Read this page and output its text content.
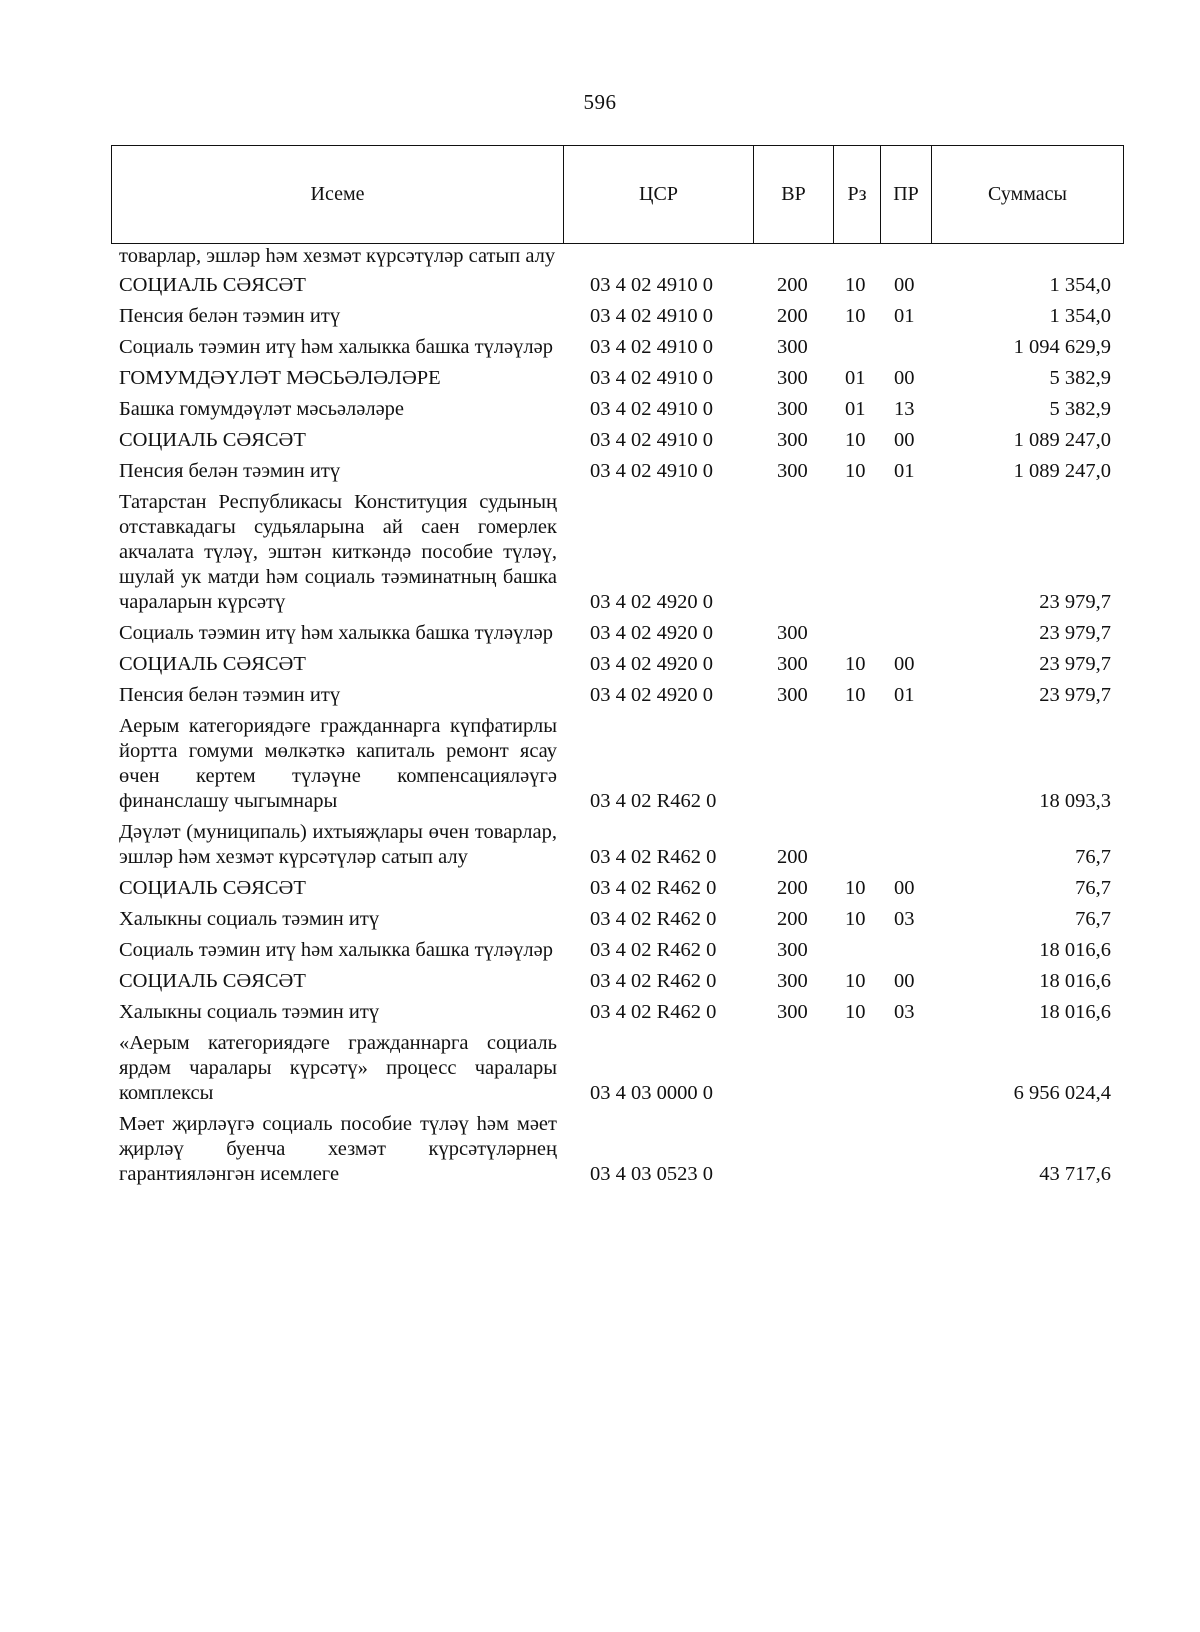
596
Исеме	ЦСР	ВР	Рз	ПР	Суммасы
товарлар, эшләр һәм хезмәт күрсәтүләр сатып алу					
СОЦИАЛЬ СӘЯСӘТ	03 4 02 4910 0	200	10	00	1 354,0
Пенсия белән тәэмин итү	03 4 02 4910 0	200	10	01	1 354,0
Социаль тәэмин итү һәм халыкка башка түләүләр	03 4 02 4910 0	300			1 094 629,9
ГОМУМДӘҮЛӘТ МӘСЬӘЛӘЛӘРЕ	03 4 02 4910 0	300	01	00	5 382,9
Башка гомумдәүләт мәсьәләләре	03 4 02 4910 0	300	01	13	5 382,9
СОЦИАЛЬ СӘЯСӘТ	03 4 02 4910 0	300	10	00	1 089 247,0
Пенсия белән тәэмин итү	03 4 02 4910 0	300	10	01	1 089 247,0
Татарстан Республикасы Конституция судының отставкадагы судьяларына ай саен гомерлек акчалата түләү, эштән киткәндә пособие түләү, шулай ук матди һәм социаль тәэминатның башка чараларын күрсәтү	03 4 02 4920 0				23 979,7
Социаль тәэмин итү һәм халыкка башка түләүләр	03 4 02 4920 0	300			23 979,7
СОЦИАЛЬ СӘЯСӘТ	03 4 02 4920 0	300	10	00	23 979,7
Пенсия белән тәэмин итү	03 4 02 4920 0	300	10	01	23 979,7
Аерым категориядәге гражданнарга күпфатирлы йортта гомуми мөлкәткә капиталь ремонт ясау өчен кертем түләүне компенсацияләүгә финанслашу чыгымнары	03 4 02 R462 0				18 093,3
Дәүләт (муниципаль) ихтыяҗлары өчен товарлар, эшләр һәм хезмәт күрсәтүләр сатып алу	03 4 02 R462 0	200			76,7
СОЦИАЛЬ СӘЯСӘТ	03 4 02 R462 0	200	10	00	76,7
Халыкны социаль тәэмин итү	03 4 02 R462 0	200	10	03	76,7
Социаль тәэмин итү һәм халыкка башка түләүләр	03 4 02 R462 0	300			18 016,6
СОЦИАЛЬ СӘЯСӘТ	03 4 02 R462 0	300	10	00	18 016,6
Халыкны социаль тәэмин итү	03 4 02 R462 0	300	10	03	18 016,6
«Аерым категориядәге гражданнарга социаль ярдәм чаралары күрсәтү» процесс чаралары комплексы	03 4 03 0000 0				6 956 024,4
Мәет җирләүгә социаль пособие түләү һәм мәет җирләү буенча хезмәт күрсәтүләрнең гарантияләнгән исемлеге	03 4 03 0523 0				43 717,6
